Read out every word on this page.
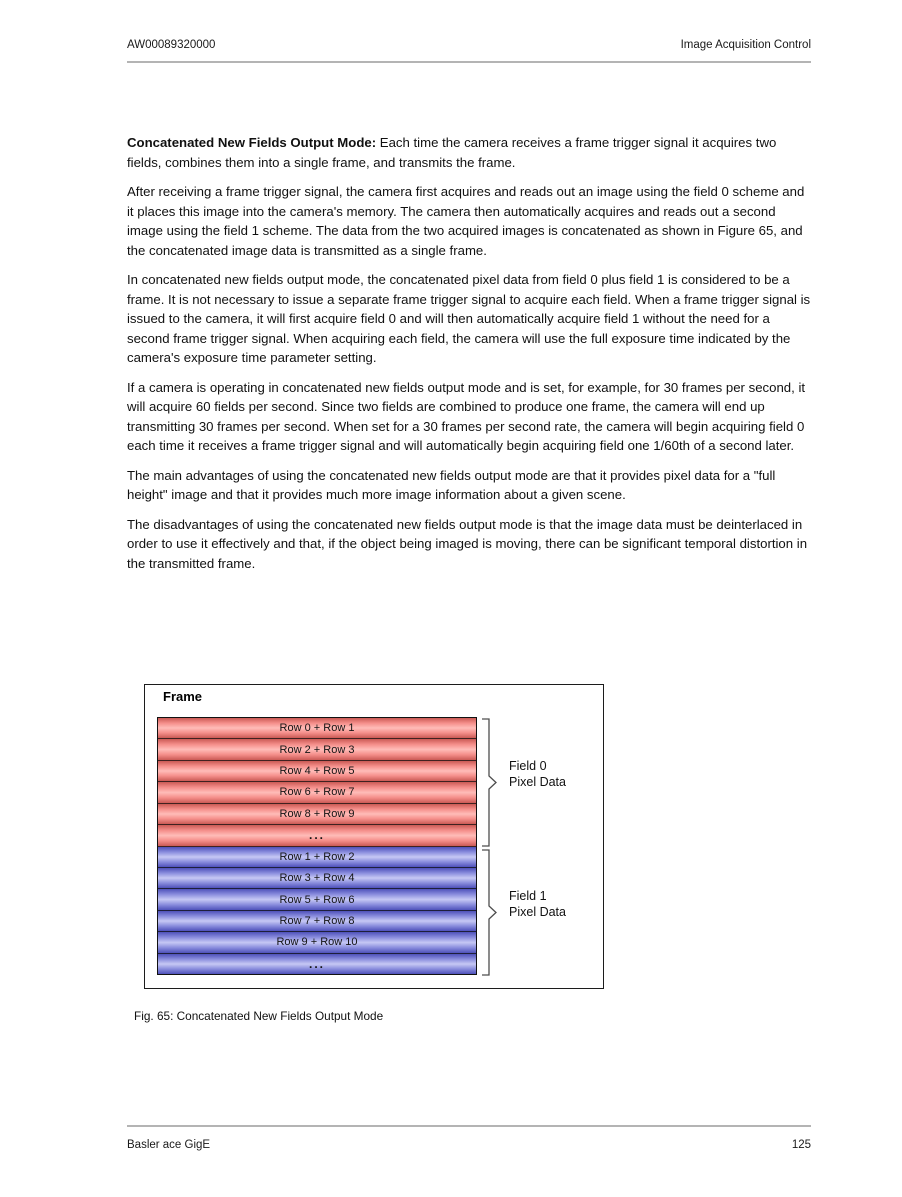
AW00089320000	Image Acquisition Control

Concatenated New Fields Output Mode: Each time the camera receives a frame trigger signal it acquires two fields, combines them into a single frame, and transmits the frame.

After receiving a frame trigger signal, the camera first acquires and reads out an image using the field 0 scheme and it places this image into the camera's memory. The camera then automatically acquires and reads out a second image using the field 1 scheme. The data from the two acquired images is concatenated as shown in Figure 65, and the concatenated image data is transmitted as a single frame.

In concatenated new fields output mode, the concatenated pixel data from field 0 plus field 1 is considered to be a frame. It is not necessary to issue a separate frame trigger signal to acquire each field. When a frame trigger signal is issued to the camera, it will first acquire field 0 and will then automatically acquire field 1 without the need for a second frame trigger signal. When acquiring each field, the camera will use the full exposure time indicated by the camera's exposure time parameter setting.

If a camera is operating in concatenated new fields output mode and is set, for example, for 30 frames per second, it will acquire 60 fields per second. Since two fields are combined to produce one frame, the camera will end up transmitting 30 frames per second. When set for a 30 frames per second rate, the camera will begin acquiring field 0 each time it receives a frame trigger signal and will automatically begin acquiring field one 1/60th of a second later.

The main advantages of using the concatenated new fields output mode are that it provides pixel data for a "full height" image and that it provides much more image information about a given scene.

The disadvantages of using the concatenated new fields output mode is that the image data must be deinterlaced in order to use it effectively and that, if the object being imaged is moving, there can be significant temporal distortion in the transmitted frame.

Frame
Row 0 + Row 1
Row 2 + Row 3
Row 4 + Row 5
Row 6 + Row 7
Row 8 + Row 9
...
Row 1 + Row 2
Row 3 + Row 4
Row 5 + Row 6
Row 7 + Row 8
Row 9 + Row 10
...
Field 0
Pixel Data
Field 1
Pixel Data
Fig. 65: Concatenated New Fields Output Mode
Basler ace GigE	125
